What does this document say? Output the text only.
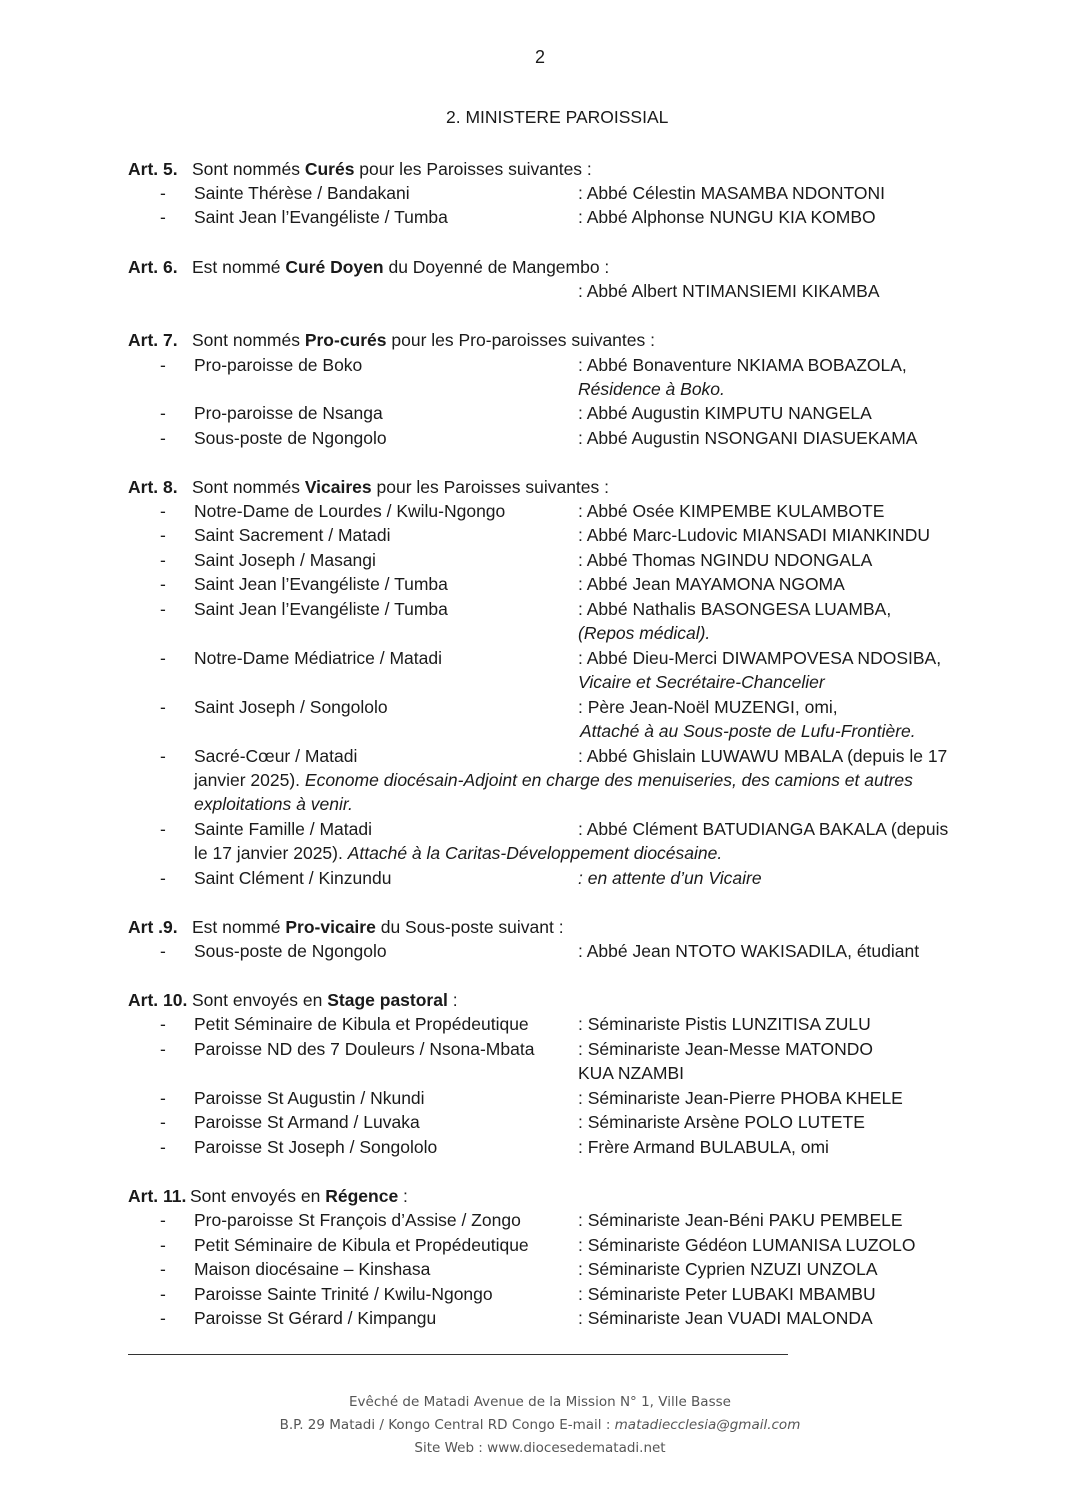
2
2. MINISTERE PAROISSIAL
Art. 5. Sont nommés Curés pour les Paroisses suivantes :
- Sainte Thérèse / Bandakani	: Abbé Célestin MASAMBA NDONTONI
- Saint Jean l’Evangéliste / Tumba	: Abbé Alphonse NUNGU KIA KOMBO
Art. 6. Est nommé Curé Doyen du Doyenné de Mangembo :
: Abbé Albert NTIMANSIEMI KIKAMBA
Art. 7. Sont nommés Pro-curés pour les Pro-paroisses suivantes :
- Pro-paroisse de Boko	: Abbé Bonaventure NKIAMA BOBAZOLA,
Résidence à Boko.
- Pro-paroisse de Nsanga	: Abbé Augustin KIMPUTU NANGELA
- Sous-poste de Ngongolo	: Abbé Augustin NSONGANI DIASUEKAMA
Art. 8. Sont nommés Vicaires pour les Paroisses suivantes :
- Notre-Dame de Lourdes / Kwilu-Ngongo	: Abbé Osée KIMPEMBE KULAMBOTE
- Saint Sacrement / Matadi	: Abbé Marc-Ludovic MIANSADI MIANKINDU
- Saint Joseph / Masangi	: Abbé Thomas NGINDU NDONGALA
- Saint Jean l’Evangéliste / Tumba	: Abbé Jean MAYAMONA NGOMA
- Saint Jean l’Evangéliste / Tumba	: Abbé Nathalis BASONGESA LUAMBA,
(Repos médical).
- Notre-Dame Médiatrice / Matadi	: Abbé Dieu-Merci DIWAMPOVESA NDOSIBA,
Vicaire et Secrétaire-Chancelier
- Saint Joseph / Songololo	: Père Jean-Noël MUZENGI, omi,
Attaché à au Sous-poste de Lufu-Frontière.
- Sacré-Cœur / Matadi	: Abbé Ghislain LUWAWU MBALA (depuis le 17
janvier 2025). Econome diocésain-Adjoint en charge des menuiseries, des camions et autres
exploitations à venir.
- Sainte Famille / Matadi	: Abbé Clément BATUDIANGA BAKALA (depuis
le 17 janvier 2025). Attaché à la Caritas-Développement diocésaine.
- Saint Clément / Kinzundu	: en attente d’un Vicaire
Art .9. Est nommé Pro-vicaire du Sous-poste suivant :
- Sous-poste de Ngongolo	: Abbé Jean NTOTO WAKISADILA, étudiant
Art. 10. Sont envoyés en Stage pastoral :
- Petit Séminaire de Kibula et Propédeutique	: Séminariste Pistis LUNZITISA ZULU
- Paroisse ND des 7 Douleurs / Nsona-Mbata : Séminariste Jean-Messe MATONDO
KUA NZAMBI
- Paroisse St Augustin / Nkundi	: Séminariste Jean-Pierre PHOBA KHELE
- Paroisse St Armand / Luvaka	: Séminariste Arsène POLO LUTETE
- Paroisse St Joseph / Songololo	: Frère Armand BULABULA, omi
Art. 11. Sont envoyés en Régence :
- Pro-paroisse St François d’Assise / Zongo	: Séminariste Jean-Béni PAKU PEMBELE
- Petit Séminaire de Kibula et Propédeutique	: Séminariste Gédéon LUMANISA LUZOLO
- Maison diocésaine – Kinshasa	: Séminariste Cyprien NZUZI UNZOLA
- Paroisse Sainte Trinité / Kwilu-Ngongo	: Séminariste Peter LUBAKI MBAMBU
- Paroisse St Gérard / Kimpangu	: Séminariste Jean VUADI MALONDA
Evêché de Matadi Avenue de la Mission N° 1, Ville Basse
B.P. 29 Matadi / Kongo Central RD Congo E-mail : matadiecclesia@gmail.com
Site Web : www.diocesedematadi.net
